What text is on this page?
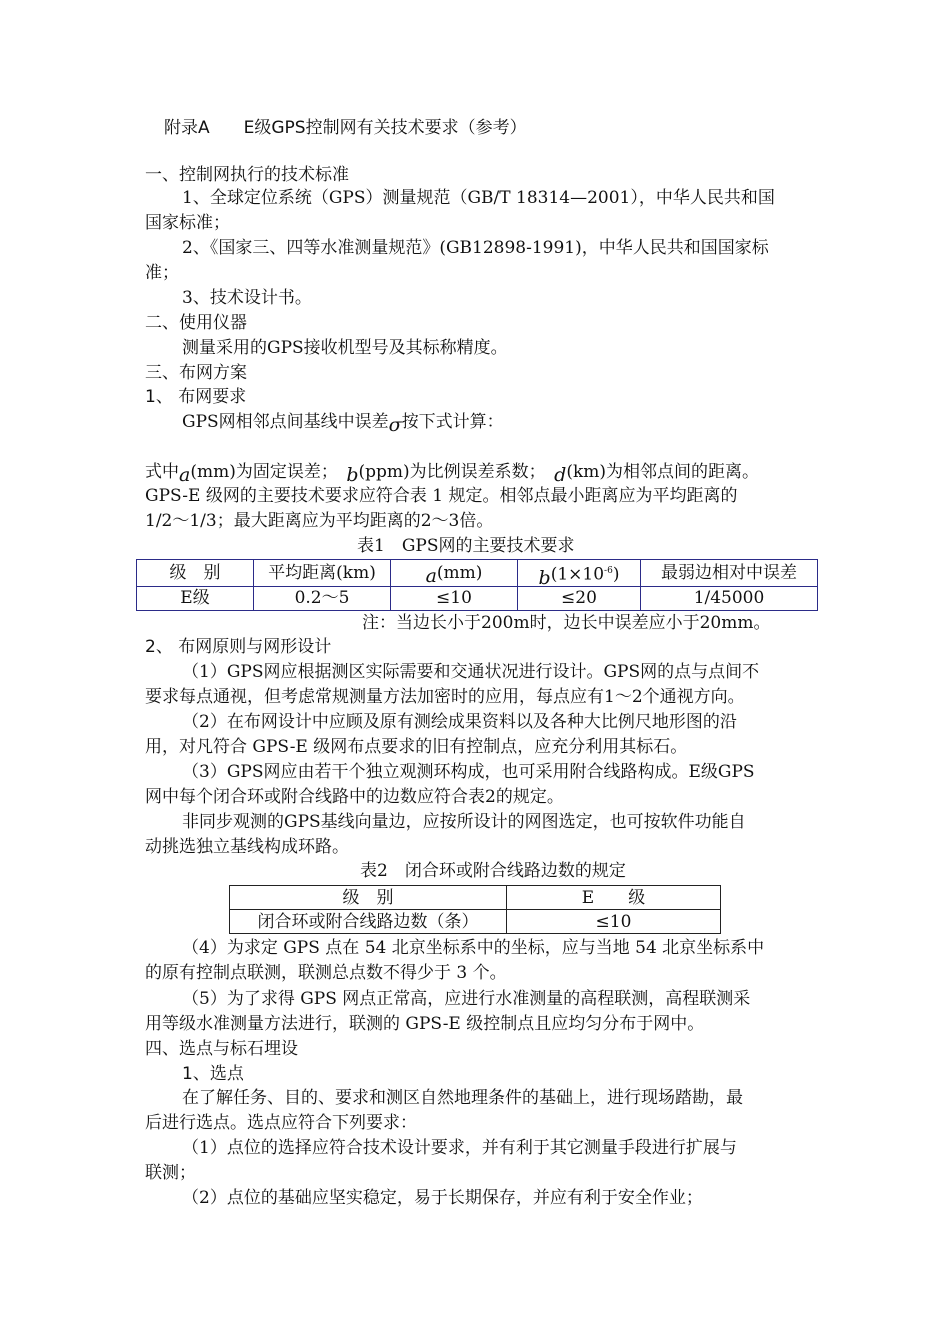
附录A　　E级GPS控制网有关技术要求（参考）
一、控制网执行的技术标准
1、全球定位系统（GPS）测量规范（GB/T 18314—2001），中华人民共和国
国家标准；
2、《国家三、四等水准测量规范》(GB12898-1991)，中华人民共和国国家标
准；
3、技术设计书。
二、使用仪器
测量采用的GPS接收机型号及其标称精度。
三、布网方案
1、 布网要求
GPS网相邻点间基线中误差σ按下式计算：
式中a(mm)为固定误差；　 b(ppm)为比例误差系数；　 d(km)为相邻点间的距离。
GPS-E 级网的主要技术要求应符合表 1 规定。相邻点最小距离应为平均距离的
1/2～1/3；最大距离应为平均距离的2～3倍。
表1　GPS网的主要技术要求
级　别	平均距离(km)	a(mm)	$b(1\times 10^{-6})$	最弱边相对中误差
E级	0.2～5	≤10	≤20	1/45000
注：当边长小于200m时，边长中误差应小于20mm。
2、 布网原则与网形设计
（1）GPS网应根据测区实际需要和交通状况进行设计。GPS网的点与点间不
要求每点通视，但考虑常规测量方法加密时的应用，每点应有1～2个通视方向。
（2）在布网设计中应顾及原有测绘成果资料以及各种大比例尺地形图的沿
用，对凡符合 GPS-E 级网布点要求的旧有控制点，应充分利用其标石。
（3）GPS网应由若干个独立观测环构成，也可采用附合线路构成。E级GPS
网中每个闭合环或附合线路中的边数应符合表2的规定。
非同步观测的GPS基线向量边，应按所设计的网图选定，也可按软件功能自
动挑选独立基线构成环路。
表2　闭合环或附合线路边数的规定
级　别	E　　级
闭合环或附合线路边数（条）	≤10
（4）为求定 GPS 点在 54 北京坐标系中的坐标，应与当地 54 北京坐标系中
的原有控制点联测，联测总点数不得少于 3 个。
（5）为了求得 GPS 网点正常高，应进行水准测量的高程联测，高程联测采
用等级水准测量方法进行，联测的 GPS-E 级控制点且应均匀分布于网中。
四、选点与标石埋设
1、选点
在了解任务、目的、要求和测区自然地理条件的基础上，进行现场踏勘，最
后进行选点。选点应符合下列要求：
（1）点位的选择应符合技术设计要求，并有利于其它测量手段进行扩展与
联测；
（2）点位的基础应坚实稳定，易于长期保存，并应有利于安全作业；
